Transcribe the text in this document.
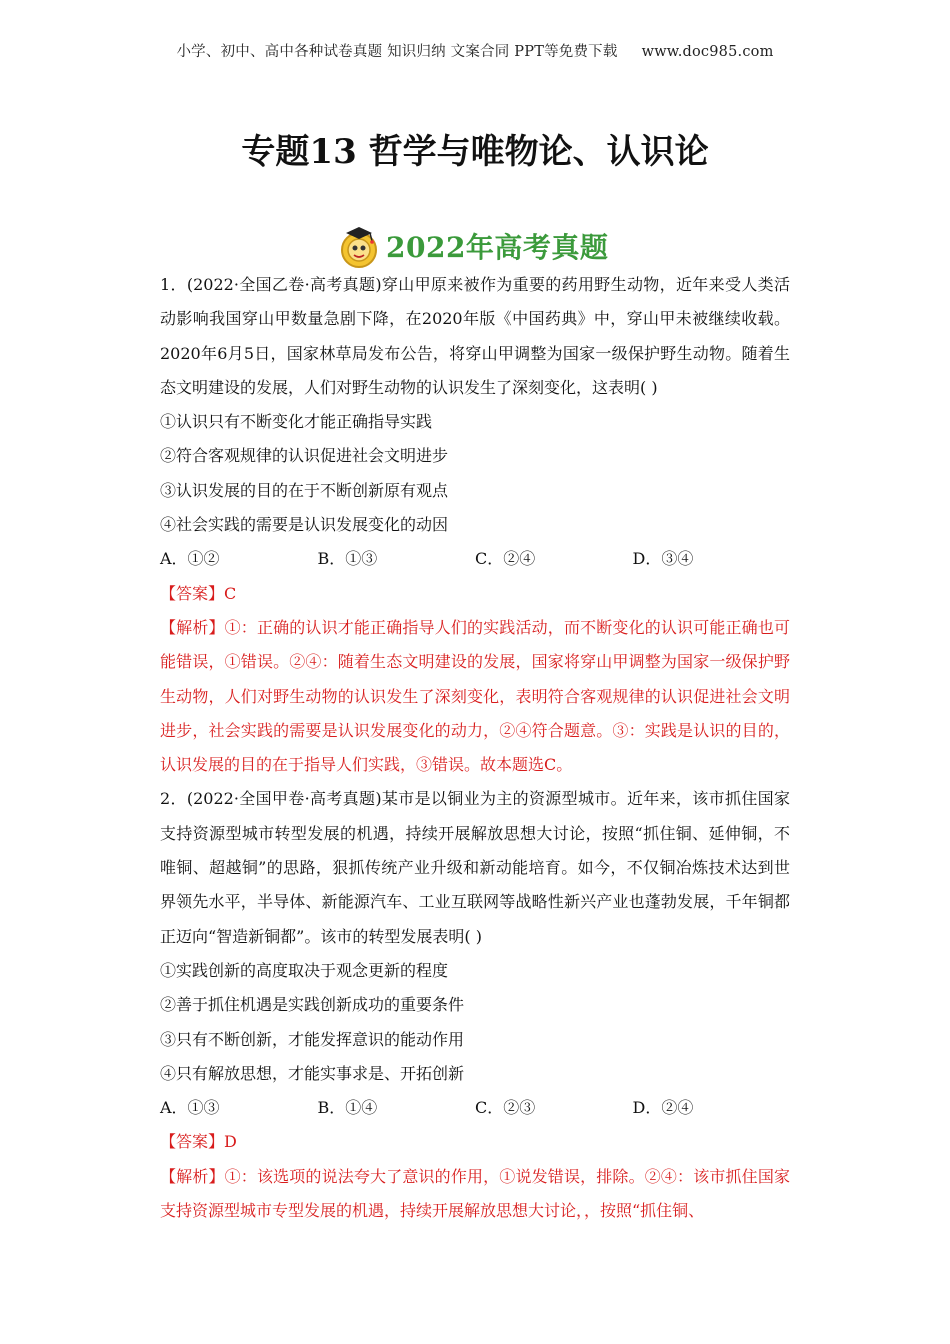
小学、初中、高中各种试卷真题 知识归纳 文案合同 PPT等免费下载 www.doc985.com
专题13 哲学与唯物论、认识论
2022年高考真题

1．(2022·全国乙卷·高考真题)穿山甲原来被作为重要的药用野生动物，近年来受人类活动影响我国穿山甲数量急剧下降，在2020年版《中国药典》中，穿山甲未被继续收载。2020年6月5日，国家林草局发布公告，将穿山甲调整为国家一级保护野生动物。随着生态文明建设的发展，人们对野生动物的认识发生了深刻变化，这表明( )

①认识只有不断变化才能正确指导实践

②符合客观规律的认识促进社会文明进步

③认识发展的目的在于不断创新原有观点

④社会实践的需要是认识发展变化的动因

A．①②	B．①③	C．②④	D．③④

【答案】C

【解析】①：正确的认识才能正确指导人们的实践活动，而不断变化的认识可能正确也可能错误，①错误。②④：随着生态文明建设的发展，国家将穿山甲调整为国家一级保护野生动物，人们对野生动物的认识发生了深刻变化，表明符合客观规律的认识促进社会文明进步，社会实践的需要是认识发展变化的动力，②④符合题意。③：实践是认识的目的，认识发展的目的在于指导人们实践，③错误。故本题选C。

2．(2022·全国甲卷·高考真题)某市是以铜业为主的资源型城市。近年来，该市抓住国家支持资源型城市转型发展的机遇，持续开展解放思想大讨论，按照“抓住铜、延伸铜，不唯铜、超越铜”的思路，狠抓传统产业升级和新动能培育。如今，不仅铜冶炼技术达到世界领先水平，半导体、新能源汽车、工业互联网等战略性新兴产业也蓬勃发展，千年铜都正迈向“智造新铜都”。该市的转型发展表明( )

①实践创新的高度取决于观念更新的程度

②善于抓住机遇是实践创新成功的重要条件

③只有不断创新，才能发挥意识的能动作用

④只有解放思想，才能实事求是、开拓创新

A．①③	B．①④	C．②③	D．②④

【答案】D

【解析】①：该选项的说法夸大了意识的作用，①说发错误，排除。②④：该市抓住国家支持资源型城市专型发展的机遇，持续开展解放思想大讨论，，按照“抓住铜、
